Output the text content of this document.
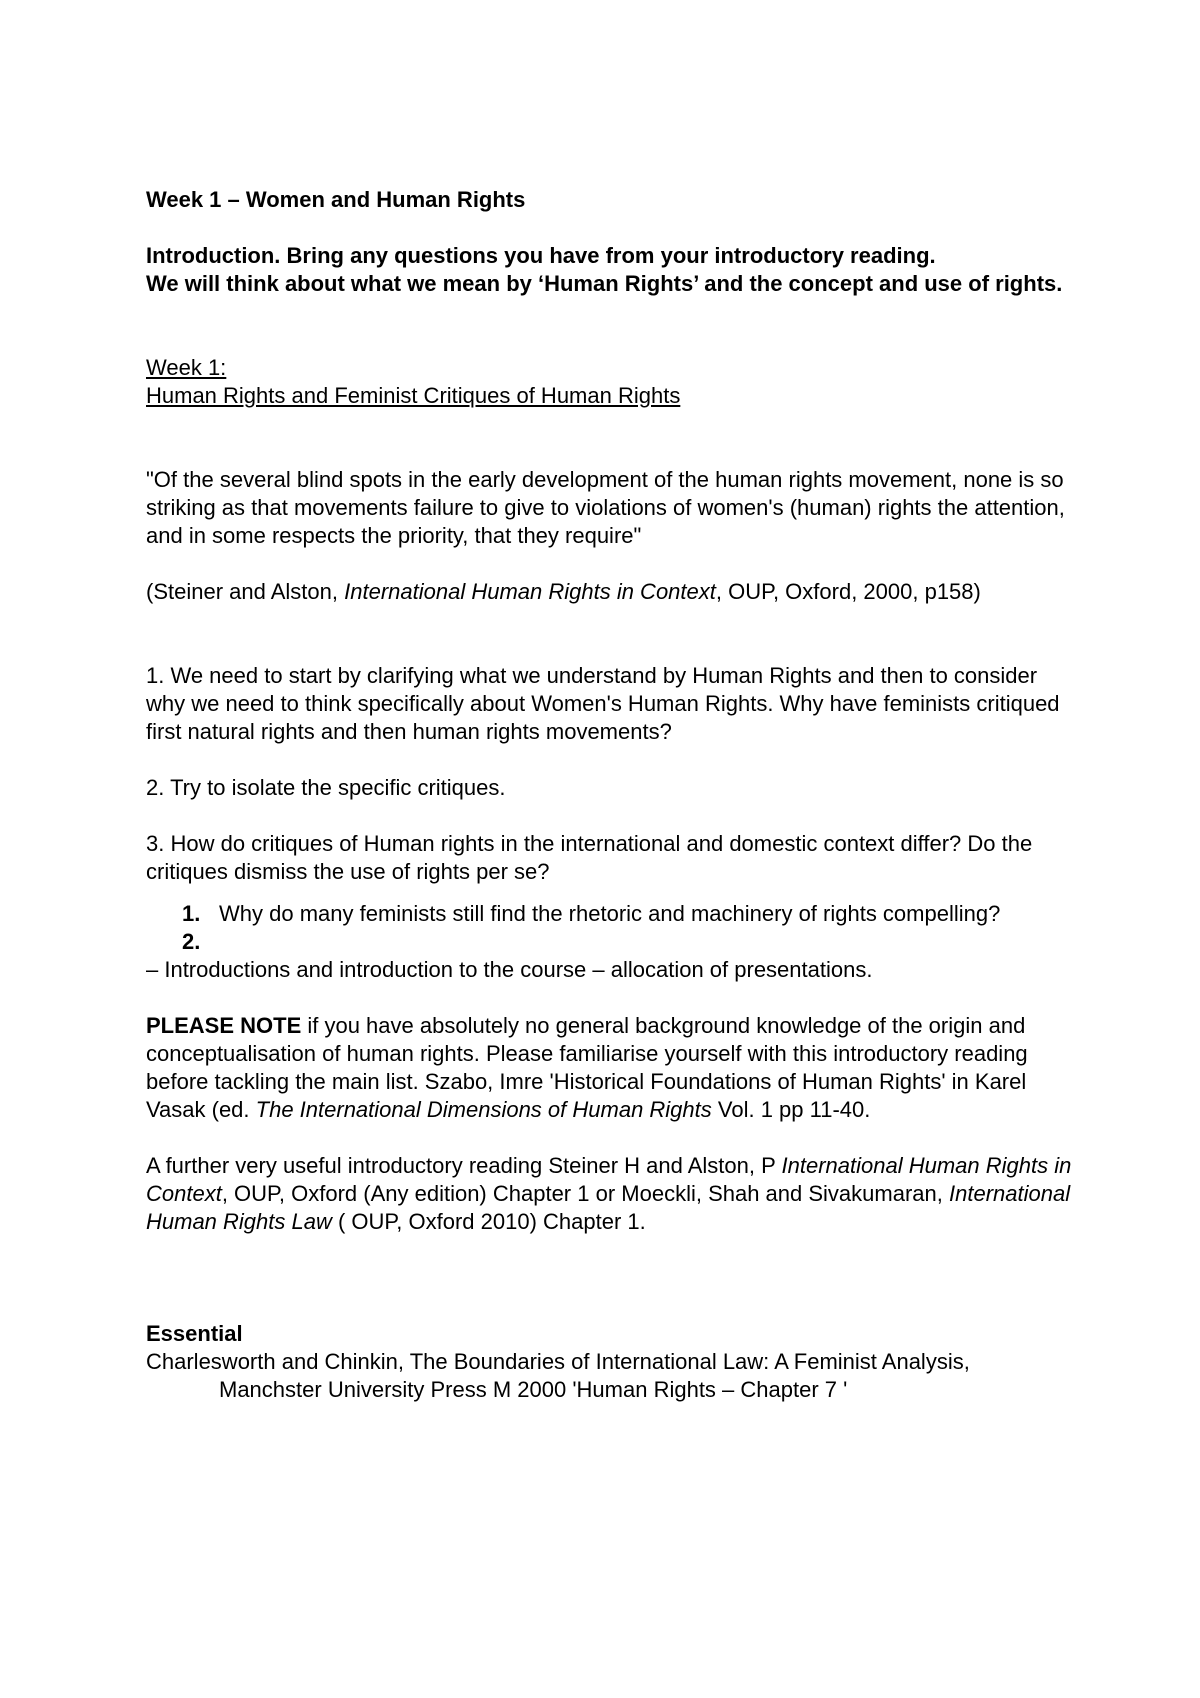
Week 1 – Women and Human Rights

Introduction. Bring any questions you have from your introductory reading.

We will think about what we mean by ‘Human Rights’ and the concept and use of rights.

Week 1:

Human Rights and Feminist Critiques of Human Rights

"Of the several blind spots in the early development of the human rights movement, none is so striking as that movements failure to give to violations of women's (human) rights the attention, and in some respects the priority, that they require"

(Steiner and Alston, International Human Rights in Context, OUP, Oxford, 2000, p158)

1. We need to start by clarifying what we understand by Human Rights and then to consider why we need to think specifically about Women's Human Rights. Why have feminists critiqued first natural rights and then human rights movements?

2. Try to isolate the specific critiques.

3. How do critiques of Human rights in the international and domestic context differ? Do the critiques dismiss the use of rights per se?

1. Why do many feminists still find the rhetoric and machinery of rights compelling?
2.

– Introductions and introduction to the course – allocation of presentations.

PLEASE NOTE if you have absolutely no general background knowledge of the origin and conceptualisation of human rights. Please familiarise yourself with this introductory reading before tackling the main list. Szabo, Imre 'Historical Foundations of Human Rights' in Karel Vasak (ed. The International Dimensions of Human Rights Vol. 1 pp 11-40.

A further very useful introductory reading Steiner H and Alston, P International Human Rights in Context, OUP, Oxford (Any edition) Chapter 1 or Moeckli, Shah and Sivakumaran, International Human Rights Law ( OUP, Oxford 2010) Chapter 1.

Essential

Charlesworth and Chinkin, The Boundaries of International Law: A Feminist Analysis, Manchster University Press M 2000 'Human Rights – Chapter 7 '
